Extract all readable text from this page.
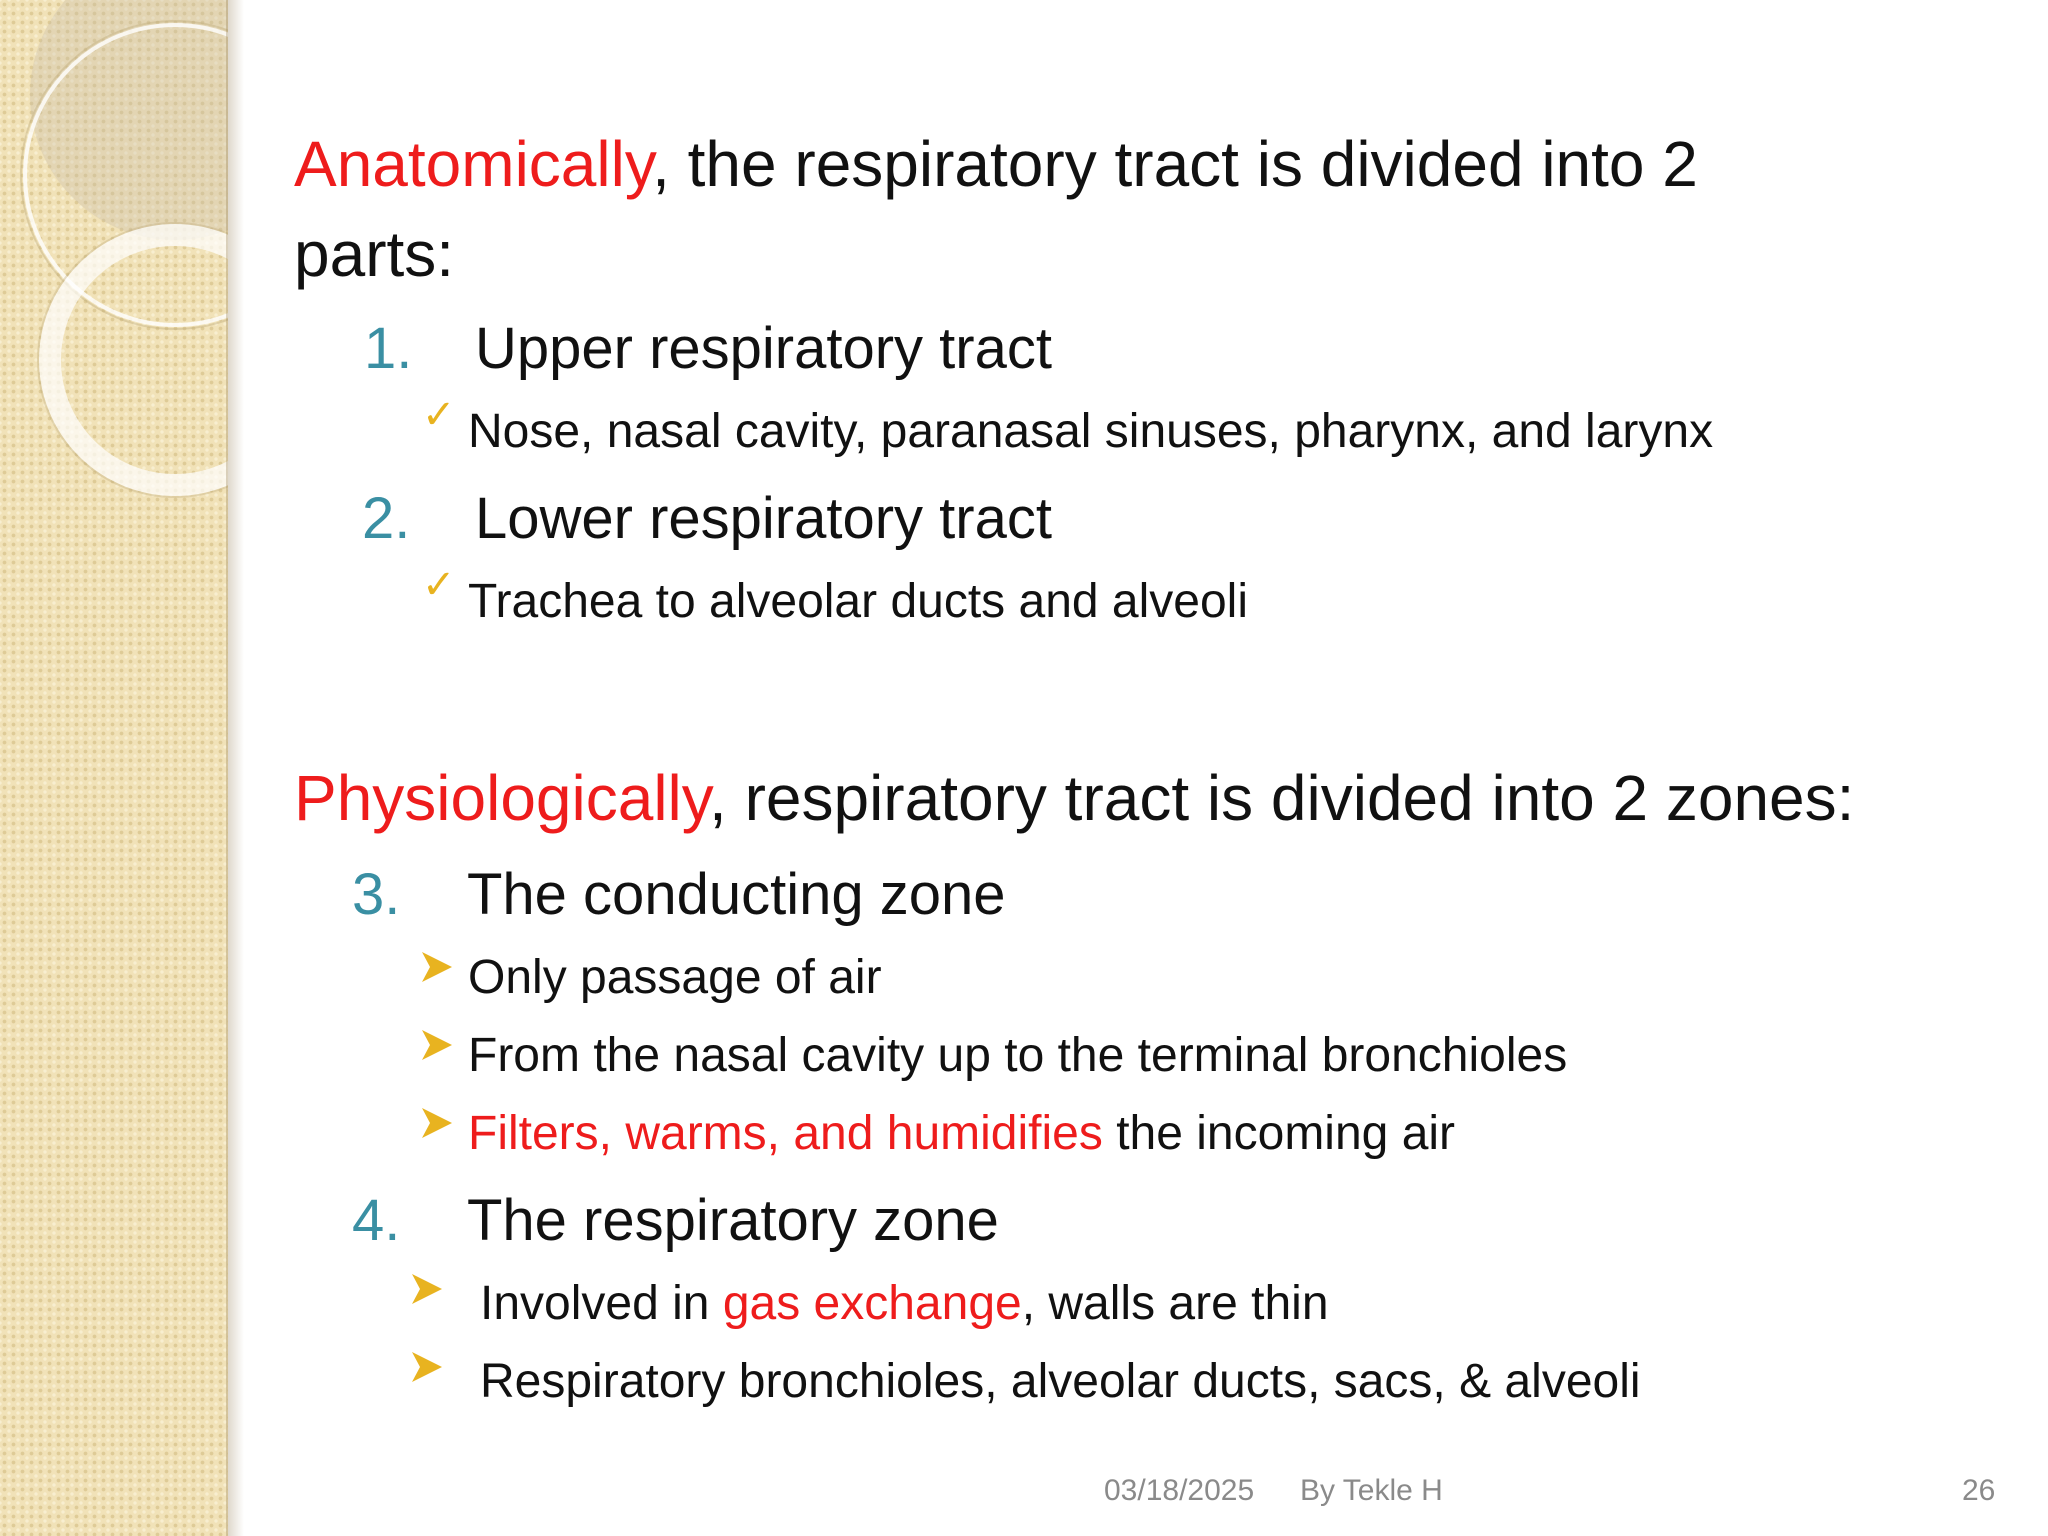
Anatomically, the respiratory tract is divided into 2
parts:
1. Upper respiratory tract
✓ Nose, nasal cavity, paranasal sinuses, pharynx, and larynx
2. Lower respiratory tract
✓ Trachea to alveolar ducts and alveoli
Physiologically, respiratory tract is divided into 2 zones:
3. The conducting zone
Only passage of air
From the nasal cavity up to the terminal bronchioles
Filters, warms, and humidifies the incoming air
4. The respiratory zone
Involved in gas exchange, walls are thin
Respiratory bronchioles, alveolar ducts, sacs, & alveoli
03/18/2025 By Tekle H	26
